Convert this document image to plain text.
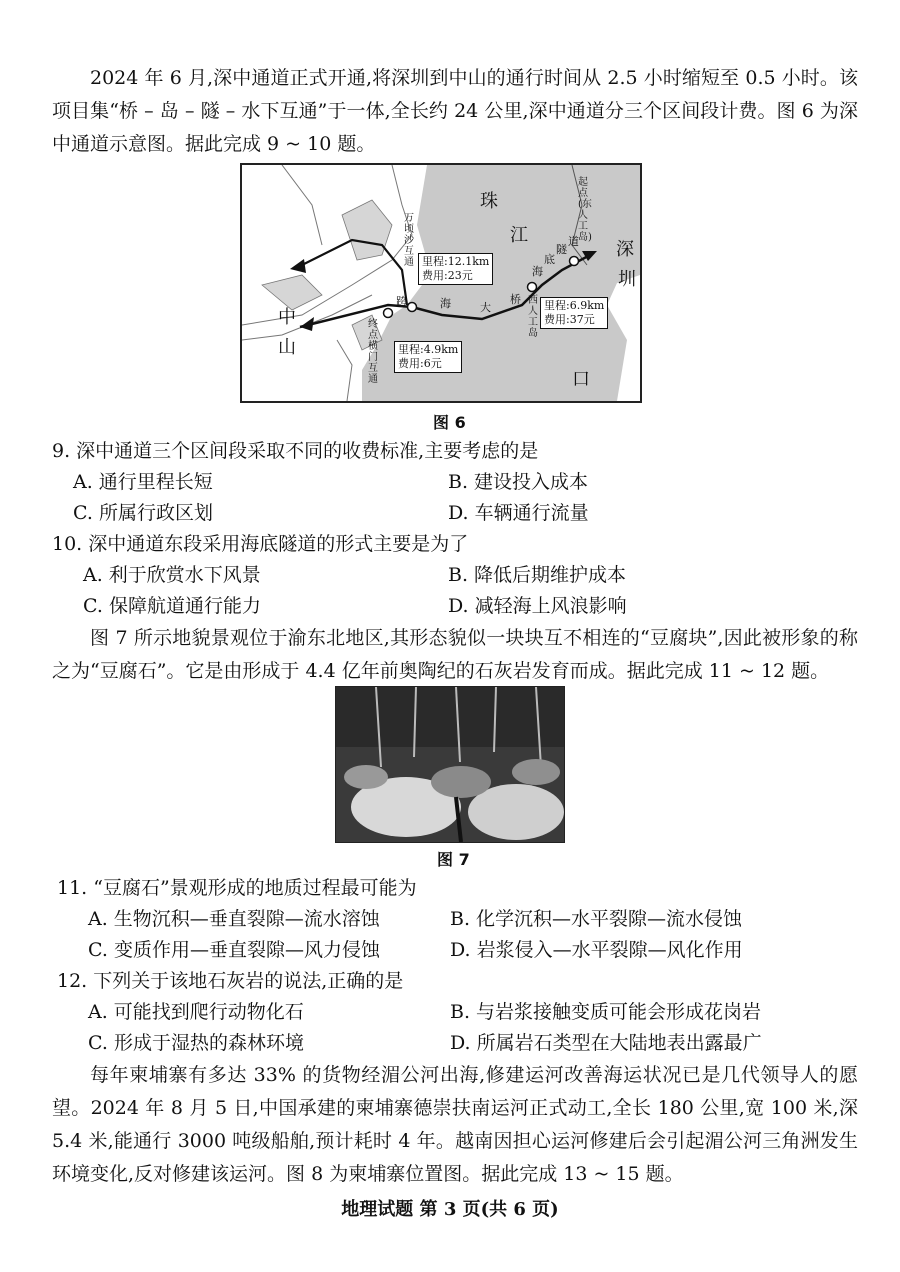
2024 年 6 月,深中通道正式开通,将深圳到中山的通行时间从 2.5 小时缩短至 0.5 小时。该项目集“桥 – 岛 – 隧 – 水下互通”于一体,全长约 24 公里,深中通道分三个区间段计费。图 6 为深中通道示意图。据此完成 9 ~ 10 题。
珠
江
口
深
圳
中
山
起点(东人工岛)
万顷沙互通
终点横门互通
西人工岛
跨	海	大
桥
海
底
隧
道
里程:12.1km
费用:23元
里程:6.9km
费用:37元
里程:4.9km
费用:6元
图 6
9. 深中通道三个区间段采取不同的收费标准,主要考虑的是
A. 通行里程长短	B. 建设投入成本
C. 所属行政区划	D. 车辆通行流量
10. 深中通道东段采用海底隧道的形式主要是为了
A. 利于欣赏水下风景	B. 降低后期维护成本
C. 保障航道通行能力	D. 减轻海上风浪影响
图 7 所示地貌景观位于渝东北地区,其形态貌似一块块互不相连的“豆腐块”,因此被形象的称之为“豆腐石”。它是由形成于 4.4 亿年前奥陶纪的石灰岩发育而成。据此完成 11 ~ 12 题。
图 7
11. “豆腐石”景观形成的地质过程最可能为
A. 生物沉积—垂直裂隙—流水溶蚀	B. 化学沉积—水平裂隙—流水侵蚀
C. 变质作用—垂直裂隙—风力侵蚀	D. 岩浆侵入—水平裂隙—风化作用
12. 下列关于该地石灰岩的说法,正确的是
A. 可能找到爬行动物化石	B. 与岩浆接触变质可能会形成花岗岩
C. 形成于湿热的森林环境	D. 所属岩石类型在大陆地表出露最广
每年柬埔寨有多达 33% 的货物经湄公河出海,修建运河改善海运状况已是几代领导人的愿望。2024 年 8 月 5 日,中国承建的柬埔寨德崇扶南运河正式动工,全长 180 公里,宽 100 米,深 5.4 米,能通行 3000 吨级船舶,预计耗时 4 年。越南因担心运河修建后会引起湄公河三角洲发生环境变化,反对修建该运河。图 8 为柬埔寨位置图。据此完成 13 ~ 15 题。
地理试题 第 3 页(共 6 页)
